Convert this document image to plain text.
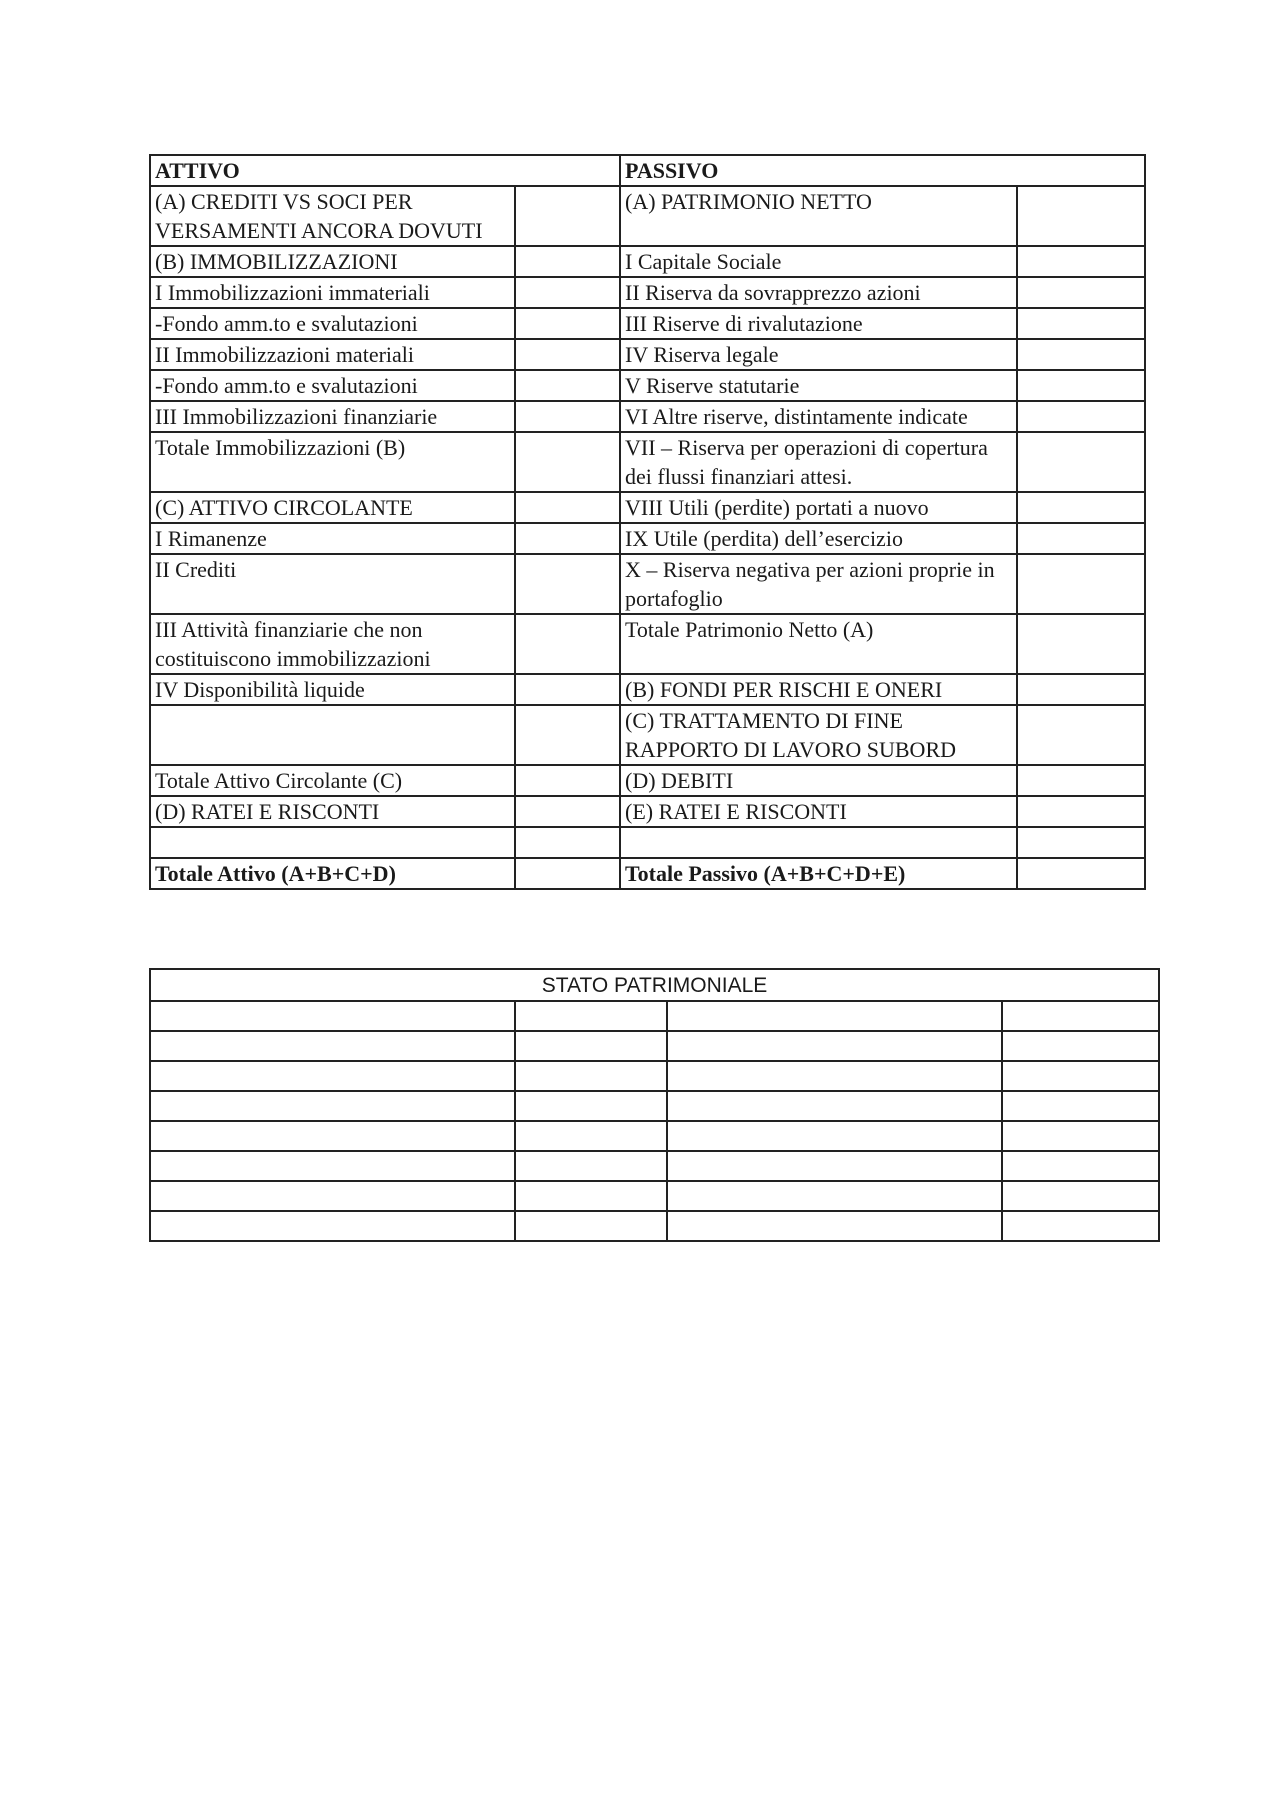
ATTIVO		PASSIVO	
(A) CREDITI VS SOCI PER VERSAMENTI ANCORA DOVUTI		(A) PATRIMONIO NETTO	
(B) IMMOBILIZZAZIONI		I Capitale Sociale	
I Immobilizzazioni immateriali		II Riserva da sovrapprezzo azioni	
-Fondo amm.to e svalutazioni		III Riserve di rivalutazione	
II Immobilizzazioni materiali		IV Riserva legale	
-Fondo amm.to e svalutazioni		V Riserve statutarie	
III Immobilizzazioni finanziarie		VI Altre riserve, distintamente indicate	
Totale Immobilizzazioni (B)		VII – Riserva per operazioni di copertura dei flussi finanziari attesi.	
(C) ATTIVO CIRCOLANTE		VIII Utili (perdite) portati a nuovo	
I Rimanenze		IX Utile (perdita) dell’esercizio	
II Crediti		X – Riserva negativa per azioni proprie in portafoglio	
III Attività finanziarie che non costituiscono immobilizzazioni		Totale Patrimonio Netto (A)	
IV Disponibilità liquide		(B) FONDI PER RISCHI E ONERI	
		(C) TRATTAMENTO DI FINE RAPPORTO DI LAVORO SUBORD	
Totale Attivo Circolante (C)		(D) DEBITI	
(D) RATEI E RISCONTI		(E) RATEI E RISCONTI	

Totale Attivo (A+B+C+D)		Totale Passivo (A+B+C+D+E)	
STATO PATRIMONIALE			
